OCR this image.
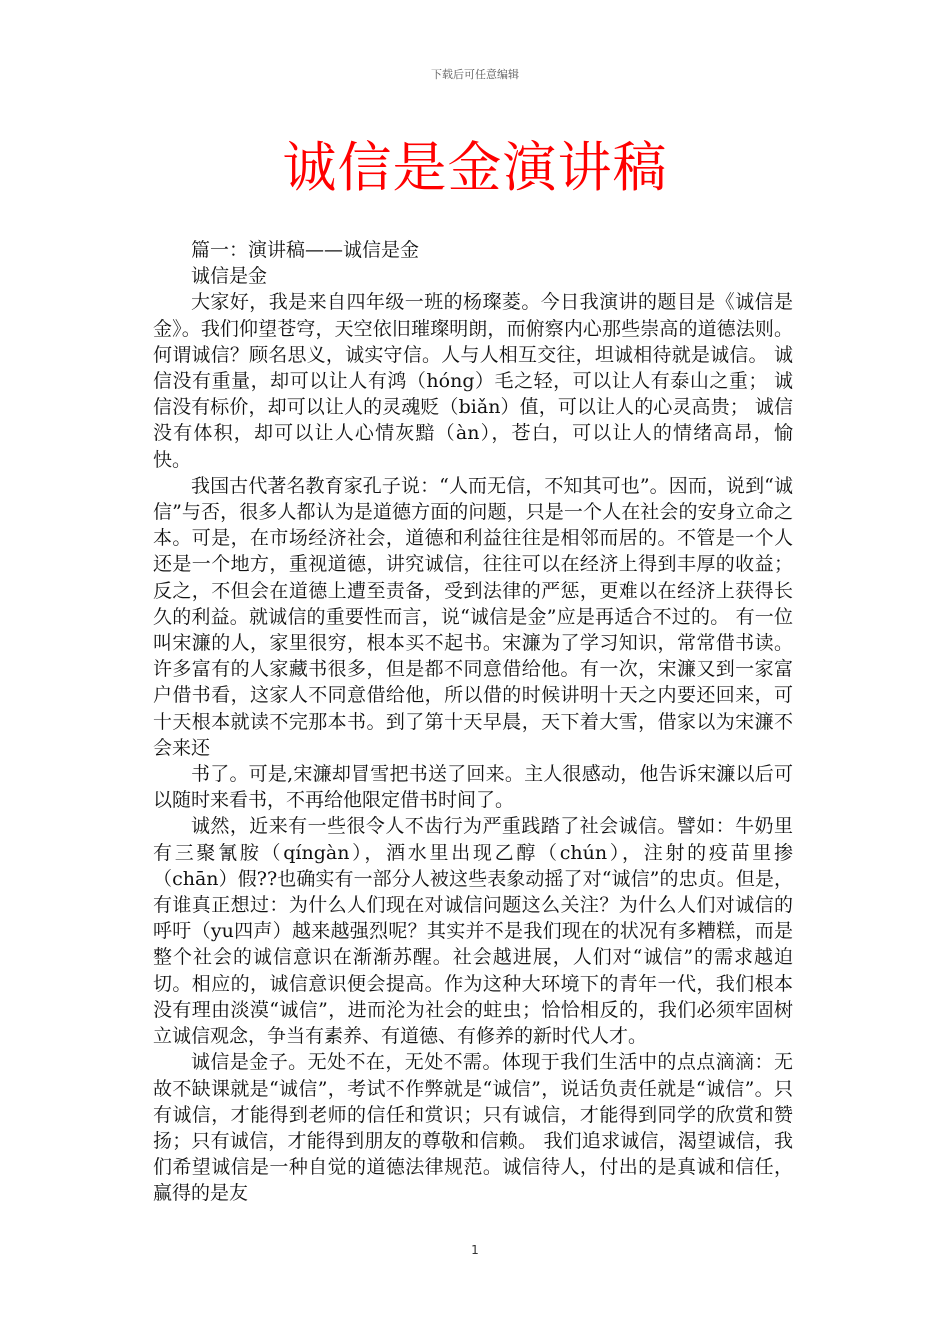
下载后可任意编辑
诚信是金演讲稿

篇一：演讲稿——诚信是金

诚信是金

大家好，我是来自四年级一班的杨璨菱。今日我演讲的题目是《诚信是金》。我们仰望苍穹，天空依旧璀璨明朗，而俯察内心那些崇高的道德法则。何谓诚信？顾名思义，诚实守信。人与人相互交往，坦诚相待就是诚信。 诚信没有重量，却可以让人有鸿（hóng）毛之轻，可以让人有泰山之重； 诚信没有标价，却可以让人的灵魂贬（biǎn）值，可以让人的心灵高贵； 诚信没有体积，却可以让人心情灰黯（àn），苍白，可以让人的情绪高昂，愉快。

我国古代著名教育家孔子说：“人而无信，不知其可也”。因而，说到“诚信”与否，很多人都认为是道德方面的问题，只是一个人在社会的安身立命之本。可是，在市场经济社会，道德和利益往往是相邻而居的。不管是一个人还是一个地方，重视道德，讲究诚信，往往可以在经济上得到丰厚的收益；反之，不但会在道德上遭至责备，受到法律的严惩，更难以在经济上获得长久的利益。就诚信的重要性而言，说“诚信是金”应是再适合不过的。 有一位叫宋濂的人，家里很穷，根本买不起书。宋濂为了学习知识，常常借书读。许多富有的人家藏书很多，但是都不同意借给他。有一次，宋濂又到一家富户借书看，这家人不同意借给他，所以借的时候讲明十天之内要还回来，可十天根本就读不完那本书。到了第十天早晨，天下着大雪，借家以为宋濂不会来还

书了。可是,宋濂却冒雪把书送了回来。主人很感动，他告诉宋濂以后可以随时来看书，不再给他限定借书时间了。

诚然，近来有一些很令人不齿行为严重践踏了社会诚信。譬如：牛奶里有三聚氰胺（qíngàn），酒水里出现乙醇（chún），注射的疫苗里掺（chān）假??也确实有一部分人被这些表象动摇了对“诚信”的忠贞。但是，有谁真正想过：为什么人们现在对诚信问题这么关注？为什么人们对诚信的呼吁（yu四声）越来越强烈呢？其实并不是我们现在的状况有多糟糕，而是整个社会的诚信意识在渐渐苏醒。社会越进展，人们对“诚信”的需求越迫切。相应的，诚信意识便会提高。作为这种大环境下的青年一代，我们根本没有理由淡漠“诚信”，进而沦为社会的蛀虫；恰恰相反的，我们必须牢固树立诚信观念，争当有素养、有道德、有修养的新时代人才。

诚信是金子。无处不在，无处不需。体现于我们生活中的点点滴滴：无故不缺课就是“诚信”，考试不作弊就是“诚信”，说话负责任就是“诚信”。只有诚信，才能得到老师的信任和赏识；只有诚信，才能得到同学的欣赏和赞扬；只有诚信，才能得到朋友的尊敬和信赖。 我们追求诚信，渴望诚信，我们希望诚信是一种自觉的道德法律规范。诚信待人，付出的是真诚和信任，赢得的是友

1
